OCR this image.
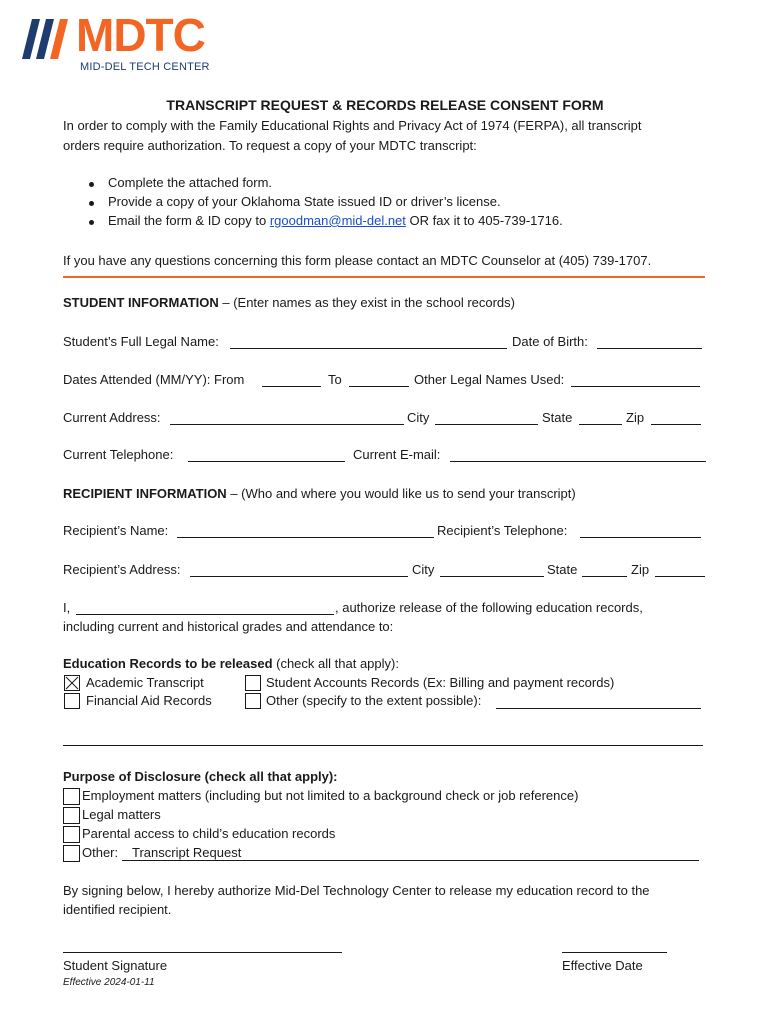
MDTC
MID-DEL TECH CENTER
TRANSCRIPT REQUEST & RECORDS RELEASE CONSENT FORM
In order to comply with the Family Educational Rights and Privacy Act of 1974 (FERPA), all transcript
orders require authorization. To request a copy of your MDTC transcript:
Complete the attached form.
Provide a copy of your Oklahoma State issued ID or driver’s license.
Email the form & ID copy to rgoodman@mid-del.net OR fax it to 405-739-1716.
If you have any questions concerning this form please contact an MDTC Counselor at (405) 739-1707.
STUDENT INFORMATION – (Enter names as they exist in the school records)
Student’s Full Legal Name:	Date of Birth:
Dates Attended (MM/YY): From	To	Other Legal Names Used:
Current Address:	City	State	Zip
Current Telephone:	Current E-mail:
RECIPIENT INFORMATION – (Who and where you would like us to send your transcript)
Recipient’s Name:	Recipient’s Telephone:
Recipient’s Address:	City	State	Zip
I,	, authorize release of the following education records,
including current and historical grades and attendance to:
Education Records to be released (check all that apply):
Academic Transcript	Student Accounts Records (Ex: Billing and payment records)
Financial Aid Records	Other (specify to the extent possible):
Purpose of Disclosure (check all that apply):
Employment matters (including but not limited to a background check or job reference)
Legal matters
Parental access to child’s education records
Other: Transcript Request
By signing below, I hereby authorize Mid-Del Technology Center to release my education record to the
identified recipient.
Student Signature	Effective Date
Effective 2024-01-11
